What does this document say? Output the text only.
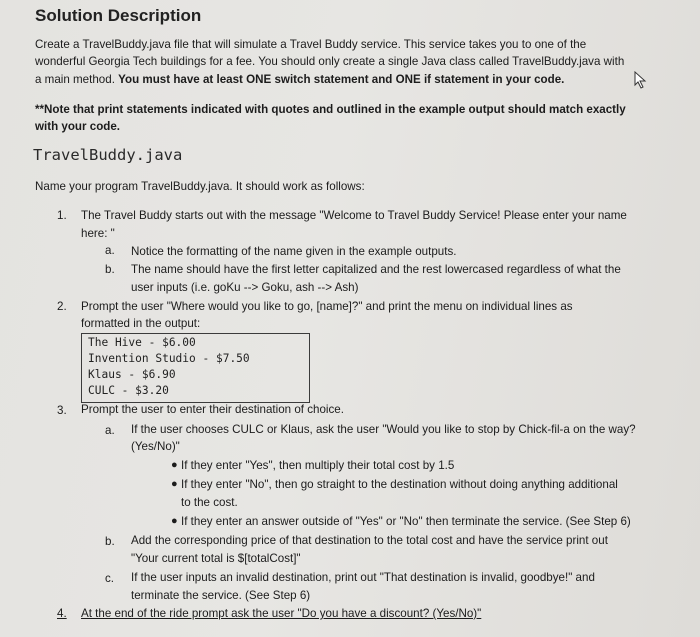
Solution Description
Create a TravelBuddy.java file that will simulate a Travel Buddy service. This service takes you to one of the
wonderful Georgia Tech buildings for a fee. You should only create a single Java class called TravelBuddy.java with
a main method. You must have at least ONE switch statement and ONE if statement in your code.
**Note that print statements indicated with quotes and outlined in the example output should match exactly
with your code.
TravelBuddy.java
Name your program TravelBuddy.java. It should work as follows:
1. The Travel Buddy starts out with the message "Welcome to Travel Buddy Service! Please enter your name
here: "
a. Notice the formatting of the name given in the example outputs.
b. The name should have the first letter capitalized and the rest lowercased regardless of what the
user inputs (i.e. goKu --> Goku, ash --> Ash)
2. Prompt the user "Where would you like to go, [name]?" and print the menu on individual lines as
formatted in the output:
The Hive - $6.00
Invention Studio - $7.50
Klaus - $6.90
CULC - $3.20
3. Prompt the user to enter their destination of choice.
a. If the user chooses CULC or Klaus, ask the user "Would you like to stop by Chick-fil-a on the way?
(Yes/No)"
● If they enter "Yes", then multiply their total cost by 1.5
● If they enter "No", then go straight to the destination without doing anything additional
to the cost.
● If they enter an answer outside of "Yes" or "No" then terminate the service. (See Step 6)
b. Add the corresponding price of that destination to the total cost and have the service print out
"Your current total is $[totalCost]"
c. If the user inputs an invalid destination, print out "That destination is invalid, goodbye!" and
terminate the service. (See Step 6)
4. At the end of the ride prompt ask the user "Do you have a discount? (Yes/No)"
